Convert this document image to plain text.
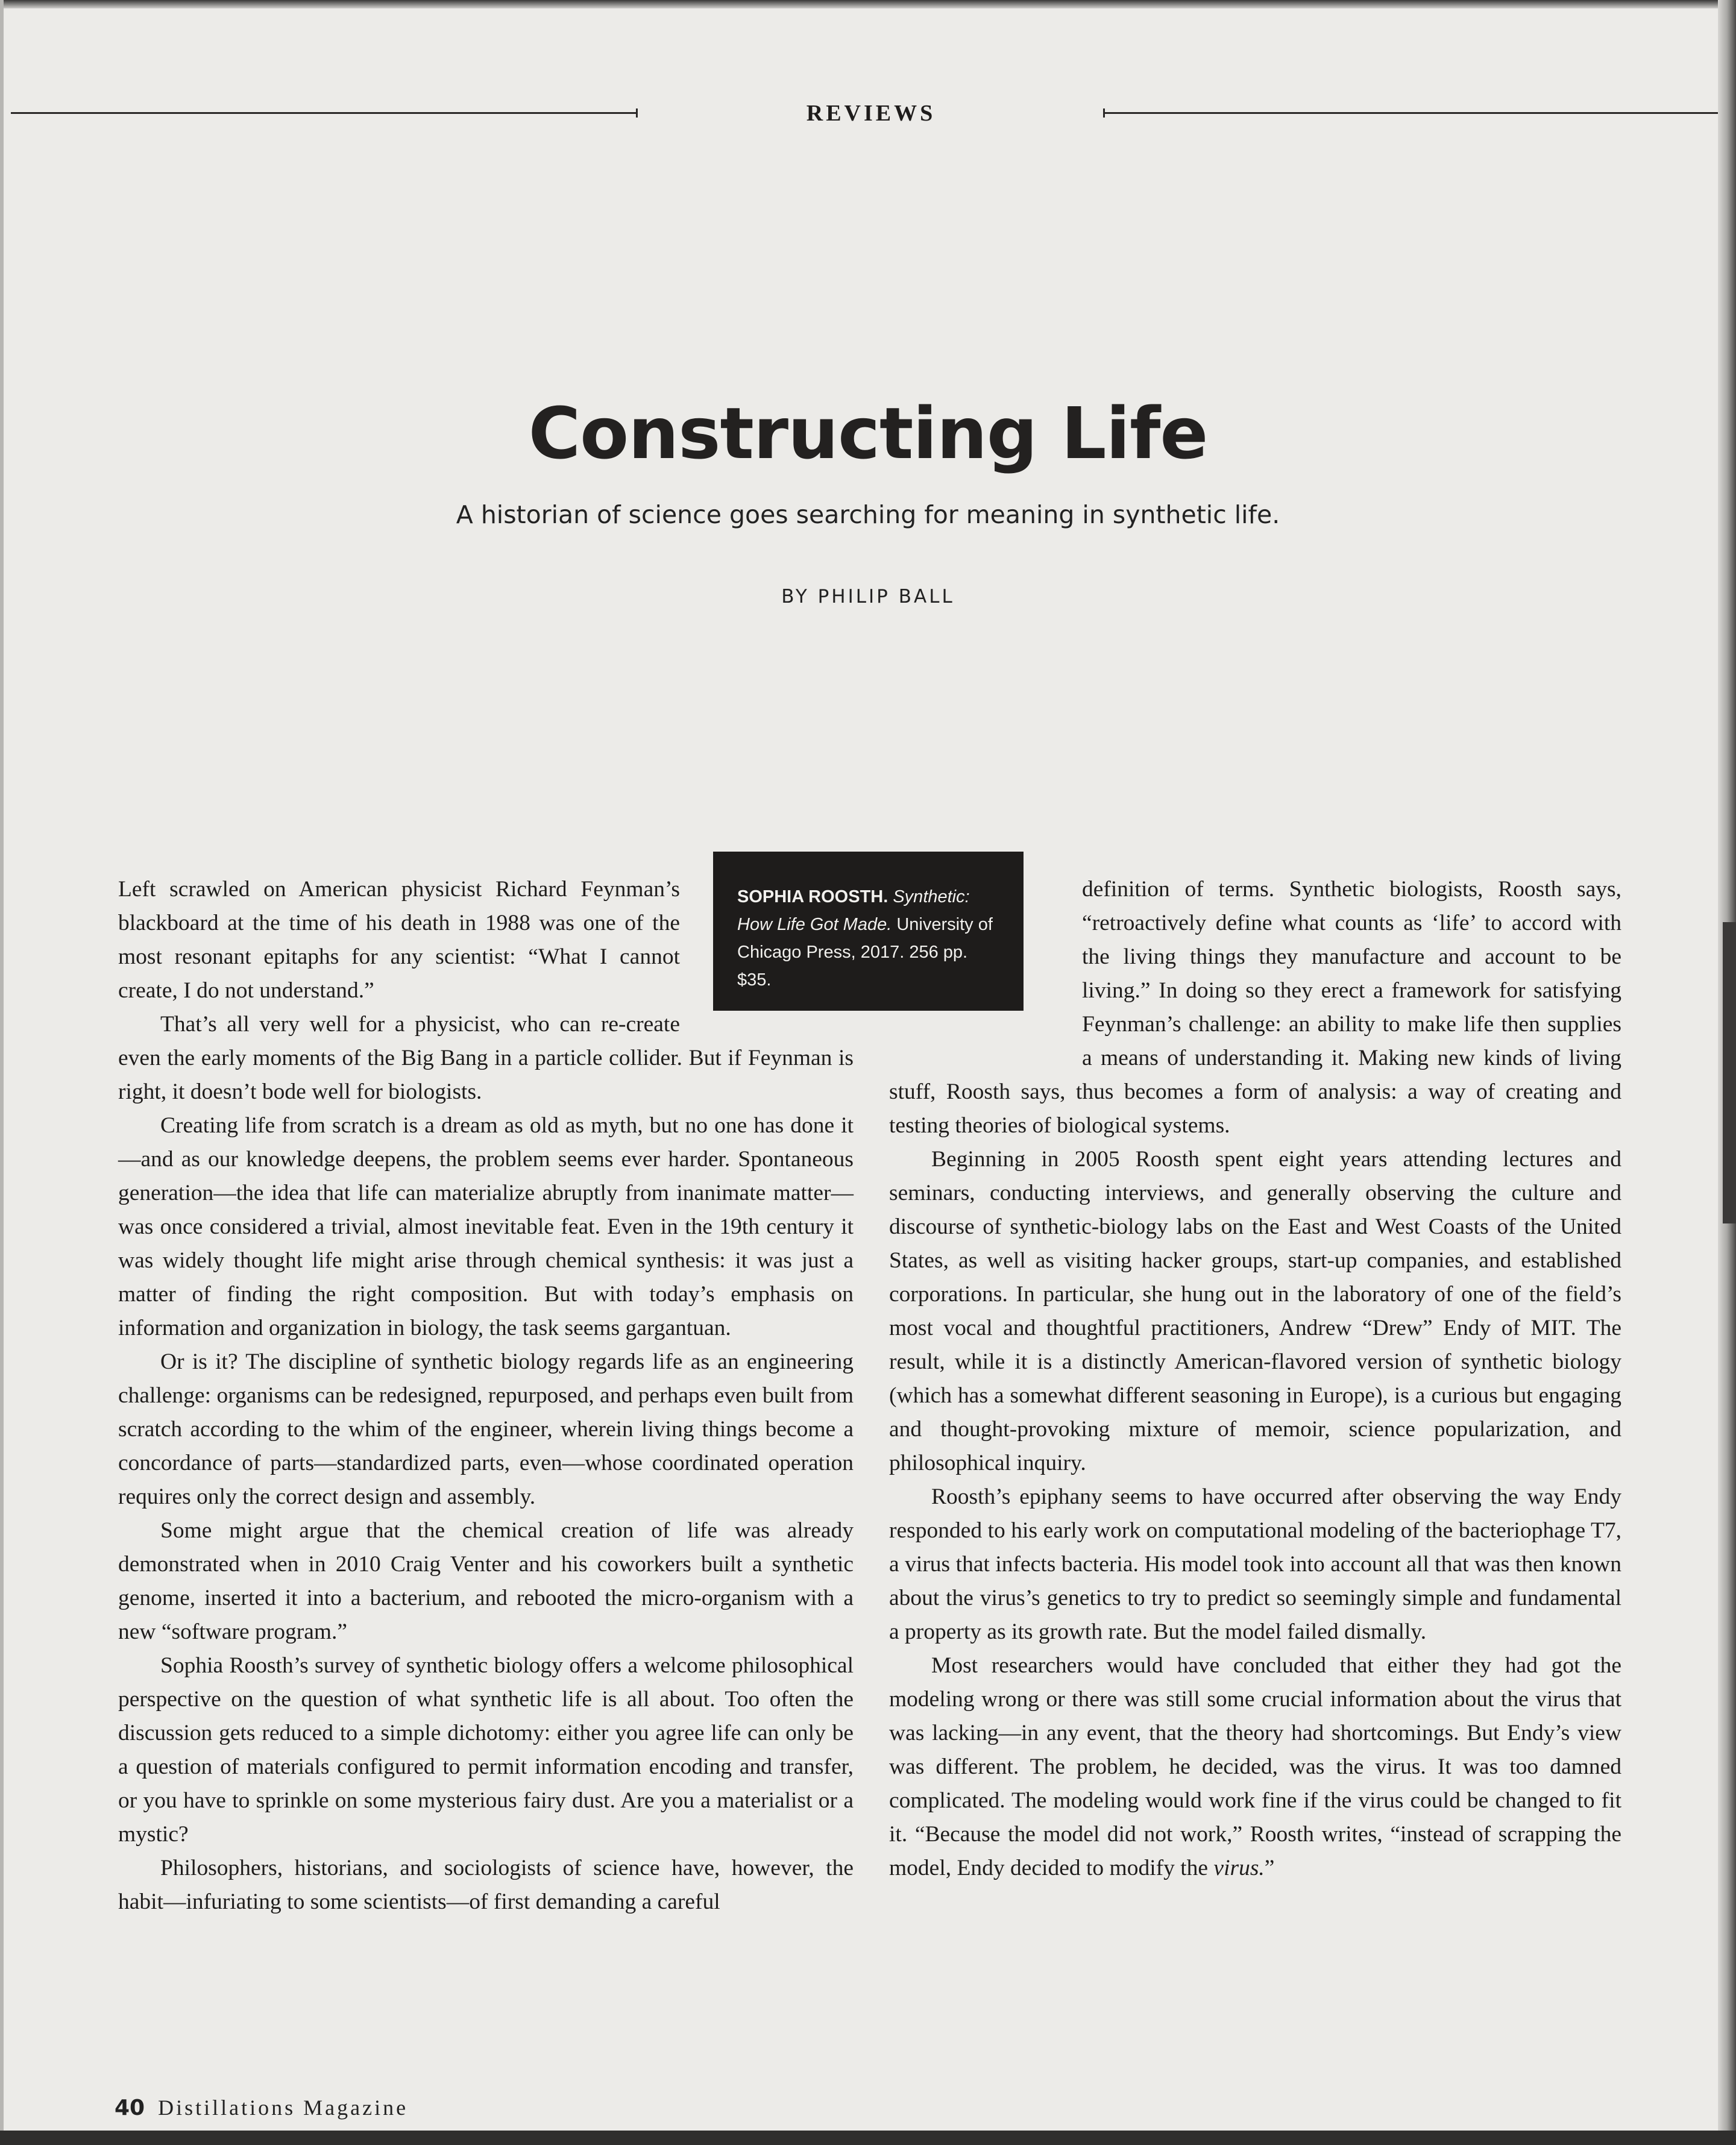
REVIEWS
Constructing Life
A historian of science goes searching for meaning in synthetic life.
BY PHILIP BALL

Left scrawled on American physicist Richard Feynman’s blackboard at the time of his death in 1988 was one of the most resonant epitaphs for any scientist: “What I cannot create, I do not understand.”

That’s all very well for a physicist, who can re-create even the early moments of the Big Bang in a particle collider. But if Feynman is right, it doesn’t bode well for biologists.

Creating life from scratch is a dream as old as myth, but no one has done it—and as our knowledge deepens, the problem seems ever harder. Spontaneous generation—the idea that life can materialize abruptly from inanimate matter—was once considered a trivial, almost inevitable feat. Even in the 19th century it was widely thought life might arise through chemical synthesis: it was just a matter of finding the right composition. But with today’s emphasis on information and organization in biology, the task seems gargantuan.

Or is it? The discipline of synthetic biology regards life as an engineering challenge: organisms can be redesigned, repurposed, and perhaps even built from scratch according to the whim of the engineer, wherein living things become a concordance of parts—standardized parts, even—whose coordinated operation requires only the correct design and assembly.

Some might argue that the chemical creation of life was already demonstrated when in 2010 Craig Venter and his coworkers built a synthetic genome, inserted it into a bacterium, and rebooted the micro-organism with a new “software program.”

Sophia Roosth’s survey of synthetic biology offers a welcome philosophical perspective on the question of what synthetic life is all about. Too often the discussion gets reduced to a simple dichotomy: either you agree life can only be a question of materials configured to permit information encoding and transfer, or you have to sprinkle on some mysterious fairy dust. Are you a materialist or a mystic?

Philosophers, historians, and sociologists of science have, however, the habit—infuriating to some scientists—of first demanding a careful

definition of terms. Synthetic biologists, Roosth says, “retroactively define what counts as ‘life’ to accord with the living things they manufacture and account to be living.” In doing so they erect a framework for satisfying Feynman’s challenge: an ability to make life then supplies a means of understanding it. Making new kinds of living stuff, Roosth says, thus becomes a form of analysis: a way of creating and testing theories of biological systems.

Beginning in 2005 Roosth spent eight years attending lectures and seminars, conducting interviews, and generally observing the culture and discourse of synthetic-biology labs on the East and West Coasts of the United States, as well as visiting hacker groups, start-up companies, and established corporations. In particular, she hung out in the laboratory of one of the field’s most vocal and thoughtful practitioners, Andrew “Drew” Endy of MIT. The result, while it is a distinctly American-flavored version of synthetic biology (which has a somewhat different seasoning in Europe), is a curious but engaging and thought-provoking mixture of memoir, science popularization, and philosophical inquiry.

Roosth’s epiphany seems to have occurred after observing the way Endy responded to his early work on computational modeling of the bacteriophage T7, a virus that infects bacteria. His model took into account all that was then known about the virus’s genetics to try to predict so seemingly simple and fundamental a property as its growth rate. But the model failed dismally.

Most researchers would have concluded that either they had got the modeling wrong or there was still some crucial information about the virus that was lacking—in any event, that the theory had shortcomings. But Endy’s view was different. The problem, he decided, was the virus. It was too damned complicated. The modeling would work fine if the virus could be changed to fit it. “Because the model did not work,” Roosth writes, “instead of scrapping the model, Endy decided to modify the virus.”

SOPHIA ROOSTH. Synthetic: How Life Got Made. University of Chicago Press, 2017. 256 pp. $35.
40 Distillations Magazine
